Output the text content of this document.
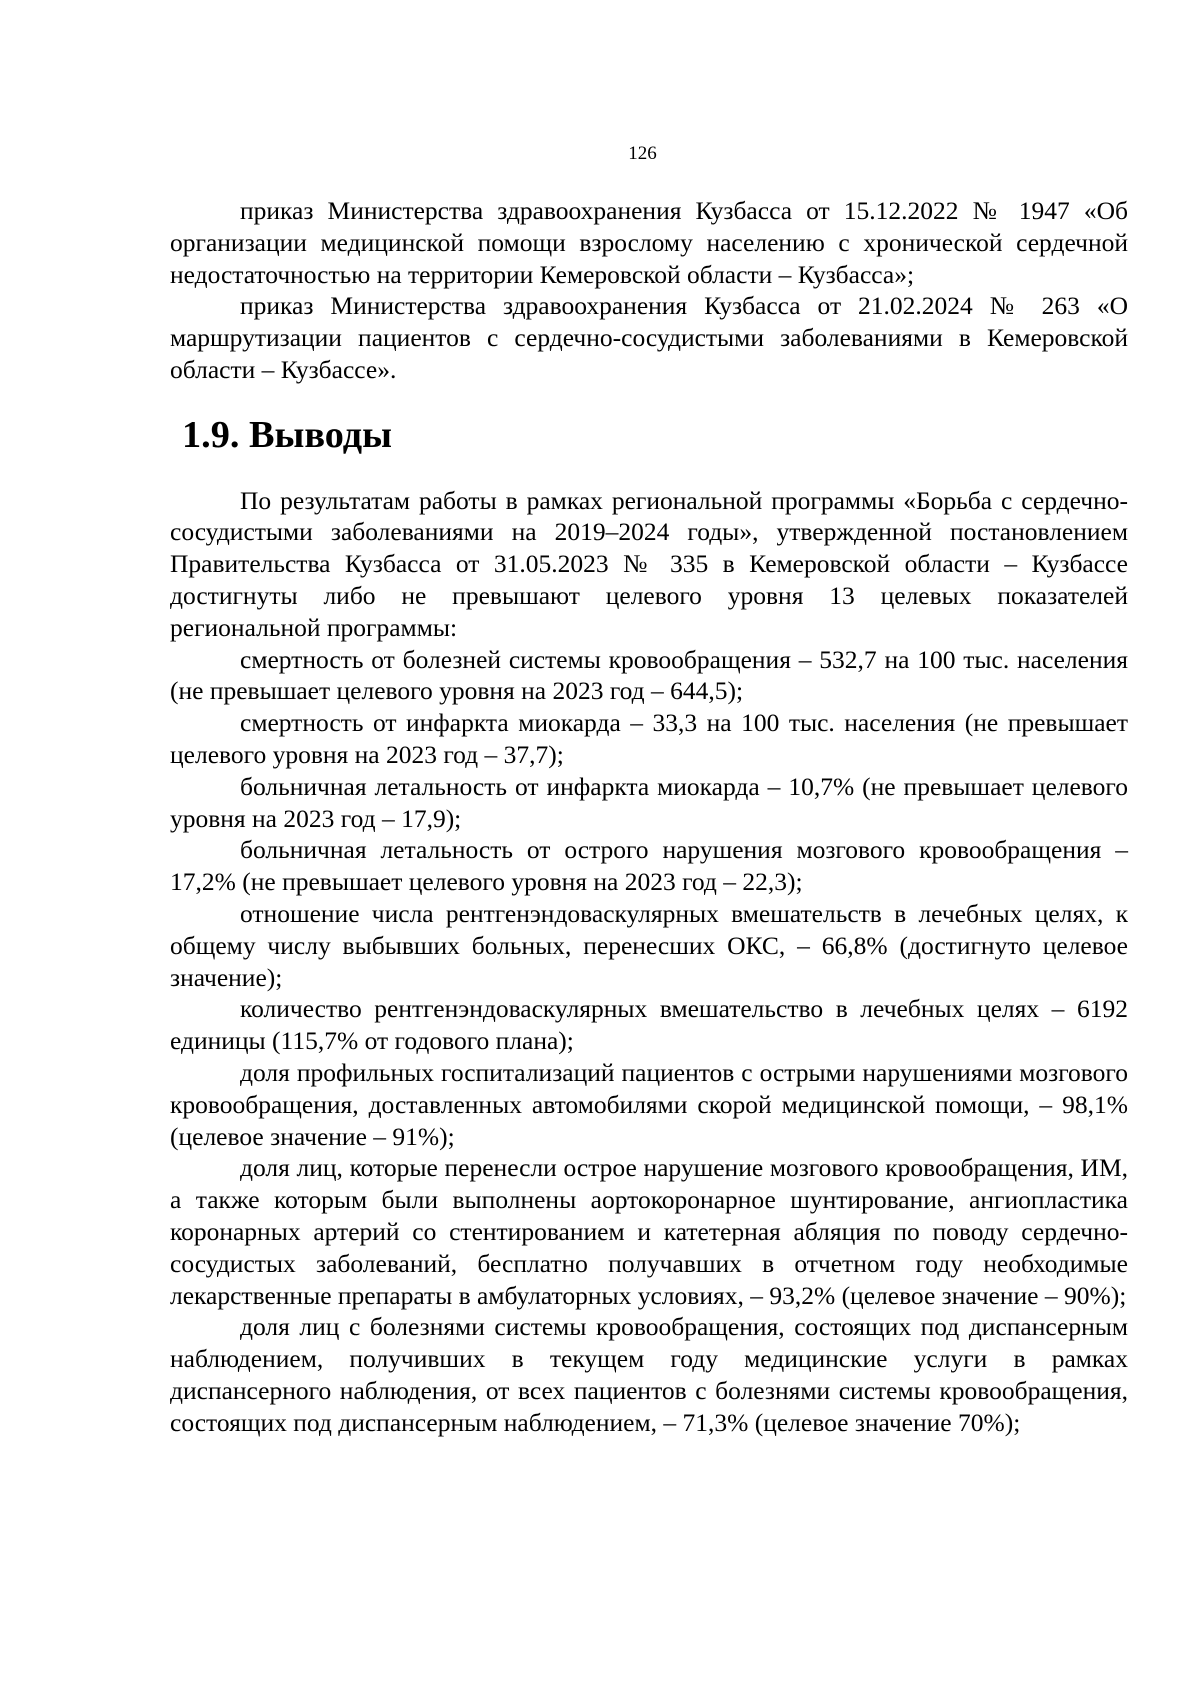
126

приказ Министерства здравоохранения Кузбасса от 15.12.2022 № 1947 «Об организации медицинской помощи взрослому населению с хронической сердечной недостаточностью на территории Кемеровской области – Кузбасса»;

приказ Министерства здравоохранения Кузбасса от 21.02.2024 № 263 «О маршрутизации пациентов с сердечно-сосудистыми заболеваниями в Кемеровской области – Кузбассе».

1.9. Выводы

По результатам работы в рамках региональной программы «Борьба с сердечно-сосудистыми заболеваниями на 2019–2024 годы», утвержденной постановлением Правительства Кузбасса от 31.05.2023 № 335 в Кемеровской области – Кузбассе достигнуты либо не превышают целевого уровня 13 целевых показателей региональной программы:

смертность от болезней системы кровообращения – 532,7 на 100 тыс. населения (не превышает целевого уровня на 2023 год – 644,5);

смертность от инфаркта миокарда – 33,3 на 100 тыс. населения (не превышает целевого уровня на 2023 год – 37,7);

больничная летальность от инфаркта миокарда – 10,7% (не превышает целевого уровня на 2023 год – 17,9);

больничная летальность от острого нарушения мозгового кровообращения – 17,2% (не превышает целевого уровня на 2023 год – 22,3);

отношение числа рентгенэндоваскулярных вмешательств в лечебных целях, к общему числу выбывших больных, перенесших ОКС, – 66,8% (достигнуто целевое значение);

количество рентгенэндоваскулярных вмешательство в лечебных целях – 6192 единицы (115,7% от годового плана);

доля профильных госпитализаций пациентов с острыми нарушениями мозгового кровообращения, доставленных автомобилями скорой медицинской помощи, – 98,1% (целевое значение – 91%);

доля лиц, которые перенесли острое нарушение мозгового кровообращения, ИМ, а также которым были выполнены аортокоронарное шунтирование, ангиопластика коронарных артерий со стентированием и катетерная абляция по поводу сердечно-сосудистых заболеваний, бесплатно получавших в отчетном году необходимые лекарственные препараты в амбулаторных условиях, – 93,2% (целевое значение – 90%);

доля лиц с болезнями системы кровообращения, состоящих под диспансерным наблюдением, получивших в текущем году медицинские услуги в рамках диспансерного наблюдения, от всех пациентов с болезнями системы кровообращения, состоящих под диспансерным наблюдением, – 71,3% (целевое значение 70%);
